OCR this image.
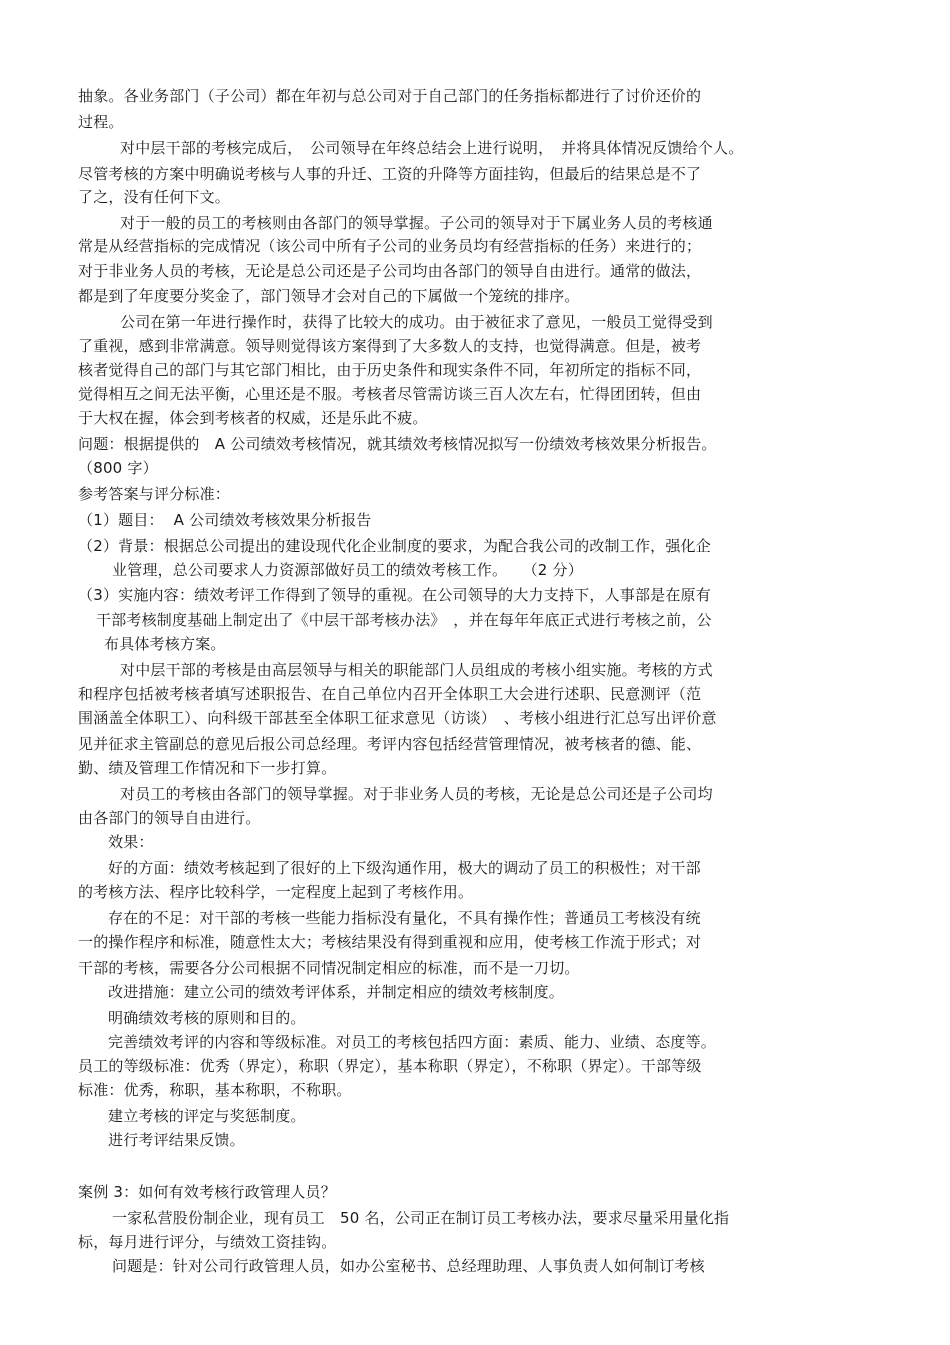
抽象。各业务部门（子公司）都在年初与总公司对于自己部门的任务指标都进行了讨价还价的

过程。

对中层干部的考核完成后，　公司领导在年终总结会上进行说明，　并将具体情况反馈给个人。

尽管考核的方案中明确说考核与人事的升迁、工资的升降等方面挂钩，但最后的结果总是不了

了之，没有任何下文。

对于一般的员工的考核则由各部门的领导掌握。子公司的领导对于下属业务人员的考核通

常是从经营指标的完成情况（该公司中所有子公司的业务员均有经营指标的任务）来进行的；

对于非业务人员的考核，无论是总公司还是子公司均由各部门的领导自由进行。通常的做法，

都是到了年度要分奖金了，部门领导才会对自己的下属做一个笼统的排序。

公司在第一年进行操作时，获得了比较大的成功。由于被征求了意见，一般员工觉得受到

了重视，感到非常满意。领导则觉得该方案得到了大多数人的支持，也觉得满意。但是，被考

核者觉得自己的部门与其它部门相比，由于历史条件和现实条件不同，年初所定的指标不同，

觉得相互之间无法平衡，心里还是不服。考核者尽管需访谈三百人次左右，忙得团团转，但由

于大权在握，体会到考核者的权威，还是乐此不疲。

问题：根据提供的　A 公司绩效考核情况，就其绩效考核情况拟写一份绩效考核效果分析报告。

（800 字）

参考答案与评分标准：

（1）题目：  A 公司绩效考核效果分析报告

（2）背景：根据总公司提出的建设现代化企业制度的要求，为配合我公司的改制工作，强化企

业管理，总公司要求人力资源部做好员工的绩效考核工作。　　（2 分）

（3）实施内容：绩效考评工作得到了领导的重视。在公司领导的大力支持下，人事部是在原有

干部考核制度基础上制定出了《中层干部考核办法》　，并在每年年底正式进行考核之前，公

布具体考核方案。

对中层干部的考核是由高层领导与相关的职能部门人员组成的考核小组实施。考核的方式

和程序包括被考核者填写述职报告、在自己单位内召开全体职工大会进行述职、民意测评（范

围涵盖全体职工）、向科级干部甚至全体职工征求意见（访谈）　、考核小组进行汇总写出评价意

见并征求主管副总的意见后报公司总经理。考评内容包括经营管理情况，被考核者的德、能、

勤、绩及管理工作情况和下一步打算。

对员工的考核由各部门的领导掌握。对于非业务人员的考核，无论是总公司还是子公司均

由各部门的领导自由进行。

效果：

好的方面：绩效考核起到了很好的上下级沟通作用，极大的调动了员工的积极性；对干部

的考核方法、程序比较科学，一定程度上起到了考核作用。

存在的不足：对干部的考核一些能力指标没有量化，不具有操作性；普通员工考核没有统

一的操作程序和标准，随意性太大；考核结果没有得到重视和应用，使考核工作流于形式；对

干部的考核，需要各分公司根据不同情况制定相应的标准，而不是一刀切。

改进措施：建立公司的绩效考评体系，并制定相应的绩效考核制度。

明确绩效考核的原则和目的。

完善绩效考评的内容和等级标准。对员工的考核包括四方面：素质、能力、业绩、态度等。

员工的等级标准：优秀（界定），称职（界定），基本称职（界定），不称职（界定）。干部等级

标准：优秀，称职，基本称职，不称职。

建立考核的评定与奖惩制度。

进行考评结果反馈。

案例 3：如何有效考核行政管理人员？

一家私营股份制企业，现有员工　50 名，公司正在制订员工考核办法，要求尽量采用量化指

标，每月进行评分，与绩效工资挂钩。

问题是：针对公司行政管理人员，如办公室秘书、总经理助理、人事负责人如何制订考核
